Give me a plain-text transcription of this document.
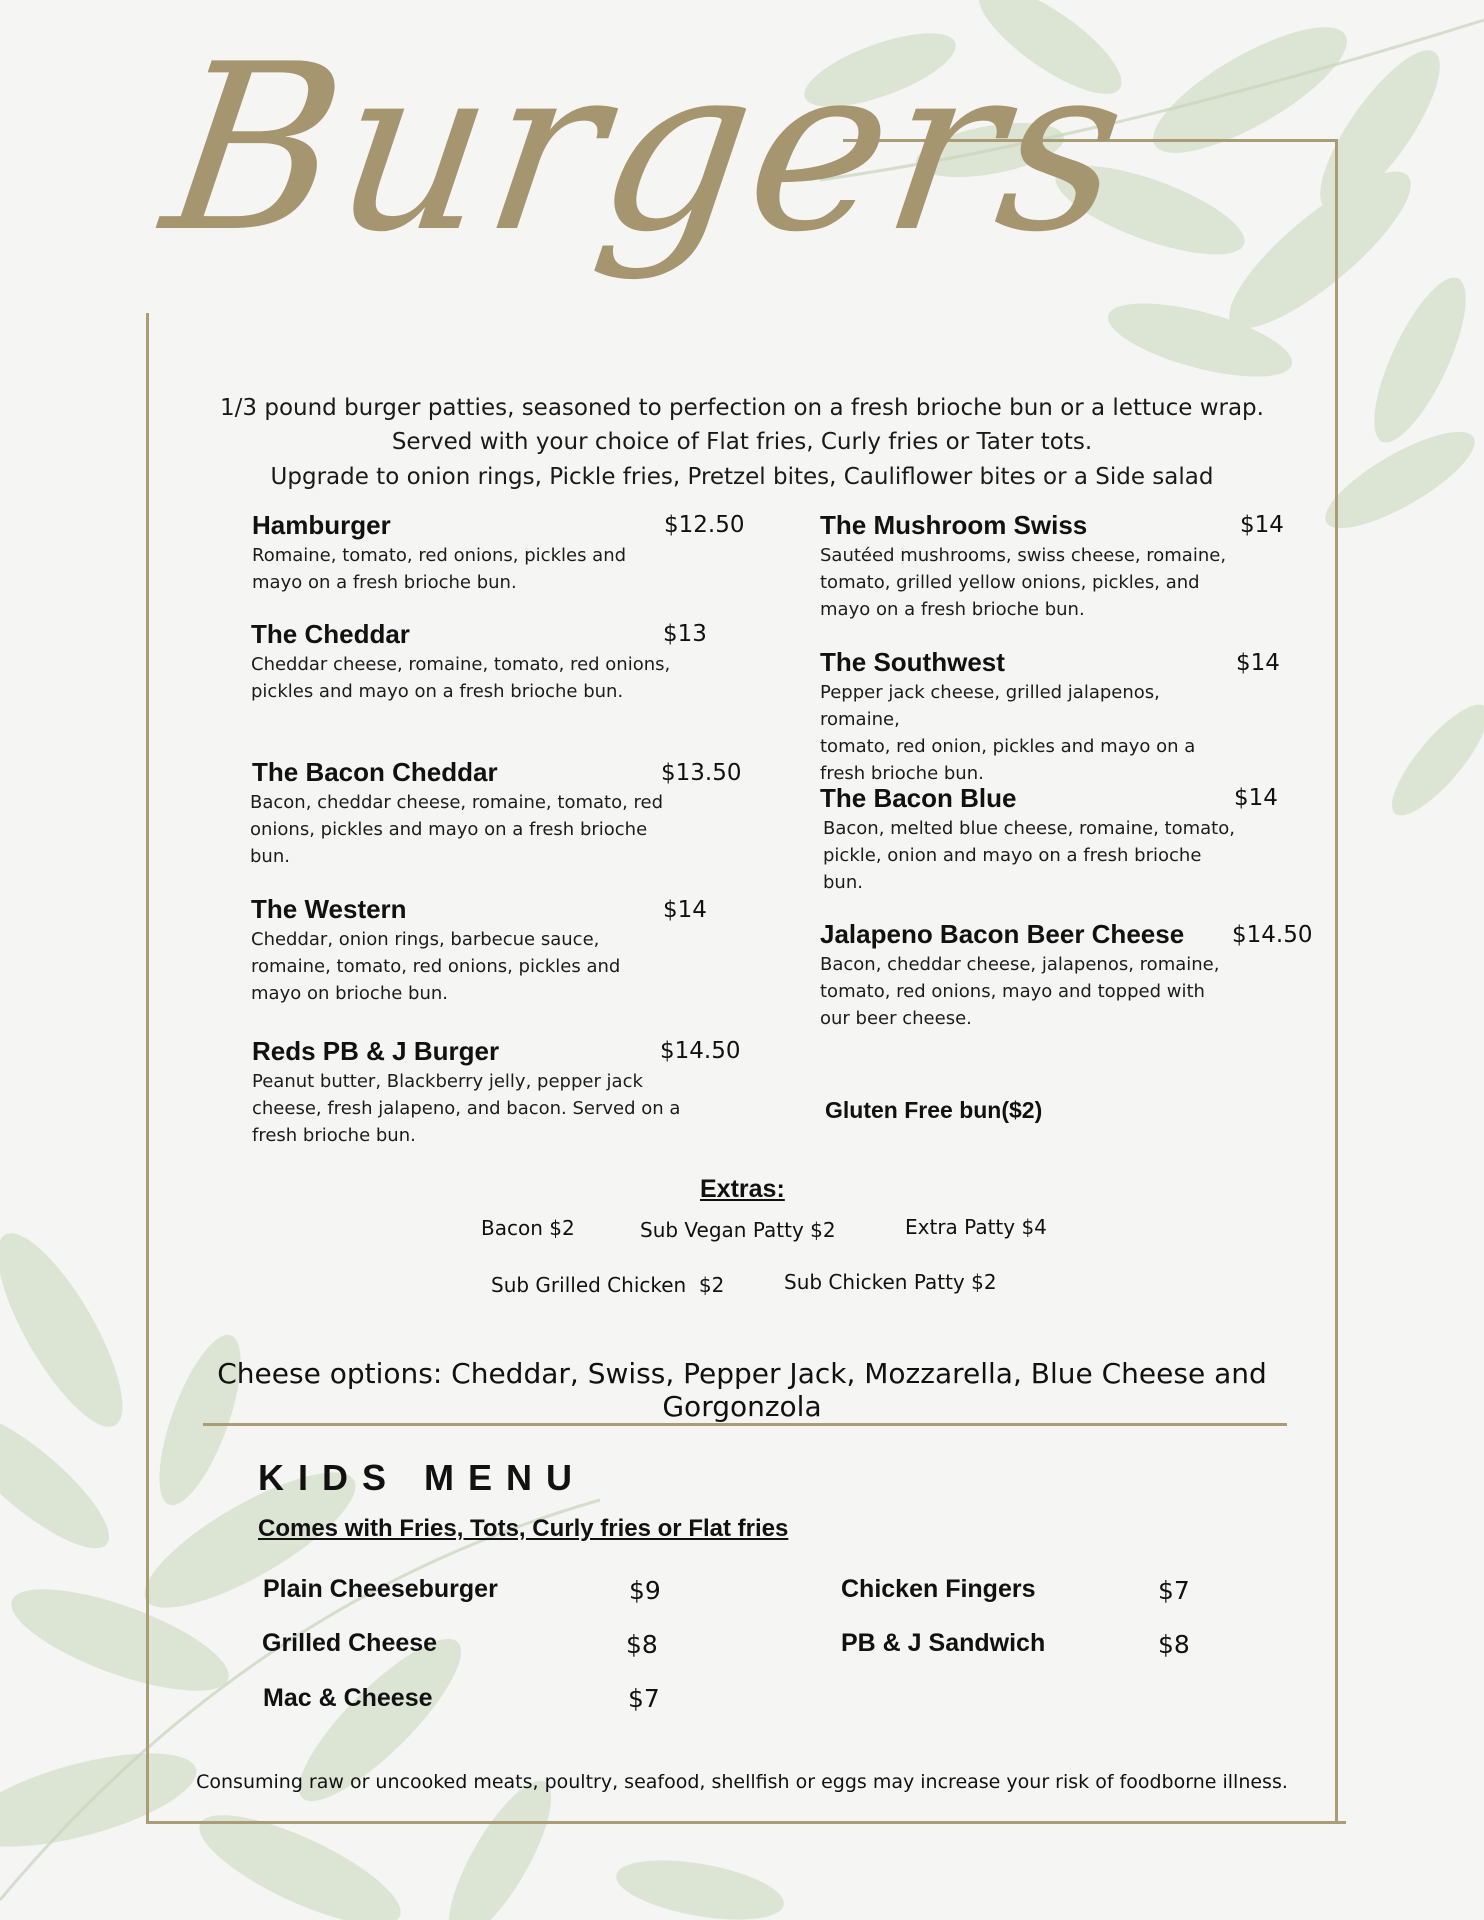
Burgers
1/3 pound burger patties, seasoned to perfection on a fresh brioche bun or a lettuce wrap.
Served with your choice of Flat fries, Curly fries or Tater tots.
Upgrade to onion rings, Pickle fries, Pretzel bites, Cauliflower bites or a Side salad
Hamburger
Romaine, tomato, red onions, pickles and
mayo on a fresh brioche bun.
$12.50
The Cheddar
Cheddar cheese, romaine, tomato, red onions,
pickles and mayo on a fresh brioche bun.
$13
The Bacon Cheddar
Bacon, cheddar cheese, romaine, tomato, red
onions, pickles and mayo on a fresh brioche
bun.
$13.50
The Western
Cheddar, onion rings, barbecue sauce,
romaine, tomato, red onions, pickles and
mayo on brioche bun.
$14
Reds PB & J Burger
Peanut butter, Blackberry jelly, pepper jack
cheese, fresh jalapeno, and bacon. Served on a
fresh brioche bun.
$14.50
The Mushroom Swiss
Sautéed mushrooms, swiss cheese, romaine,
tomato, grilled yellow onions, pickles, and
mayo on a fresh brioche bun.
$14
The Southwest
Pepper jack cheese, grilled jalapenos, romaine,
tomato, red onion, pickles and mayo on a
fresh brioche bun.
$14
The Bacon Blue
Bacon, melted blue cheese, romaine, tomato,
pickle, onion and mayo on a fresh brioche
bun.
$14
Jalapeno Bacon Beer Cheese
Bacon, cheddar cheese, jalapenos, romaine,
tomato, red onions, mayo and topped with
our beer cheese.
$14.50
Gluten Free bun($2)
Extras:
Bacon $2	Sub Vegan Patty $2	Extra Patty $4
Sub Grilled Chicken  $2	Sub Chicken Patty $2
Cheese options: Cheddar, Swiss, Pepper Jack, Mozzarella, Blue Cheese and Gorgonzola
KIDS MENU
Comes with Fries, Tots, Curly fries or Flat fries
Plain Cheeseburger	$9
Grilled Cheese	$8
Mac & Cheese	$7
Chicken Fingers	$7
PB & J Sandwich	$8
Consuming raw or uncooked meats, poultry, seafood, shellfish or eggs may increase your risk of foodborne illness.
